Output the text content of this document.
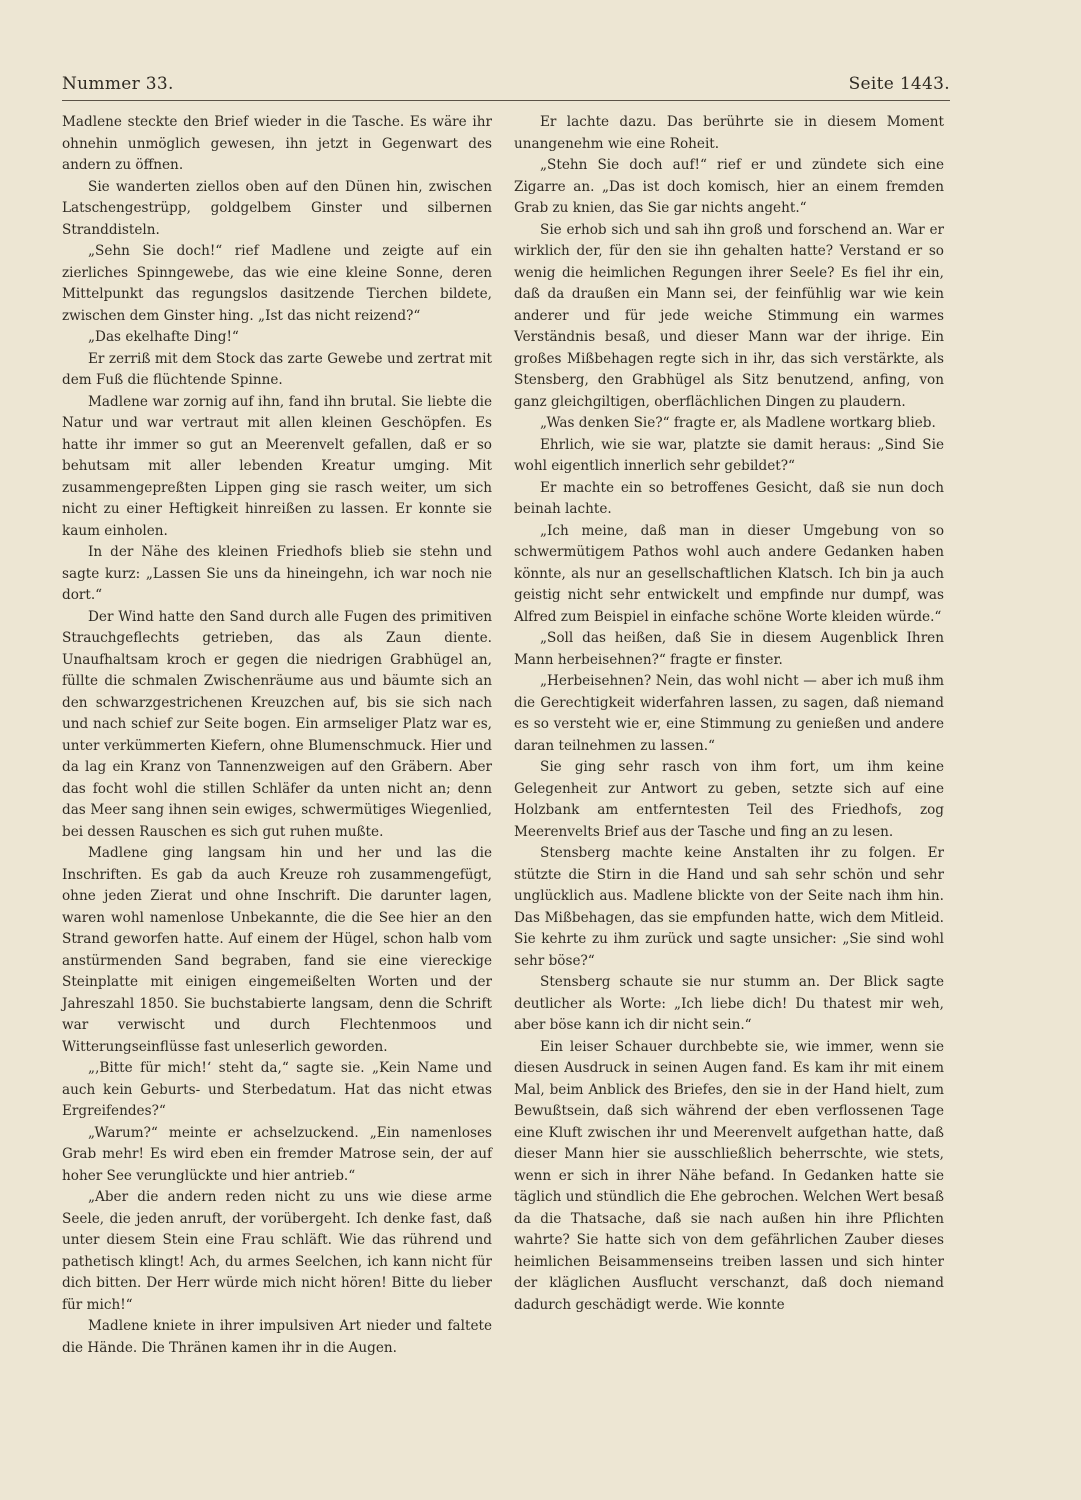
Nummer 33.	Seite 1443.

Madlene steckte den Brief wieder in die Tasche. Es wäre ihr ohnehin unmöglich gewesen, ihn jetzt in Gegenwart des andern zu öffnen.

Sie wanderten ziellos oben auf den Dünen hin, zwischen Latschengestrüpp, goldgelbem Ginster und silbernen Stranddisteln.

„Sehn Sie doch!“ rief Madlene und zeigte auf ein zierliches Spinngewebe, das wie eine kleine Sonne, deren Mittelpunkt das regungslos dasitzende Tierchen bildete, zwischen dem Ginster hing. „Ist das nicht reizend?“

„Das ekelhafte Ding!“

Er zerriß mit dem Stock das zarte Gewebe und zertrat mit dem Fuß die flüchtende Spinne.

Madlene war zornig auf ihn, fand ihn brutal. Sie liebte die Natur und war vertraut mit allen kleinen Geschöpfen. Es hatte ihr immer so gut an Meerenvelt gefallen, daß er so behutsam mit aller lebenden Kreatur umging. Mit zusammengepreßten Lippen ging sie rasch weiter, um sich nicht zu einer Heftigkeit hinreißen zu lassen. Er konnte sie kaum einholen.

In der Nähe des kleinen Friedhofs blieb sie stehn und sagte kurz: „Lassen Sie uns da hineingehn, ich war noch nie dort.“

Der Wind hatte den Sand durch alle Fugen des primitiven Strauchgeflechts getrieben, das als Zaun diente. Unaufhaltsam kroch er gegen die niedrigen Grabhügel an, füllte die schmalen Zwischenräume aus und bäumte sich an den schwarzgestrichenen Kreuzchen auf, bis sie sich nach und nach schief zur Seite bogen. Ein armseliger Platz war es, unter verkümmerten Kiefern, ohne Blumenschmuck. Hier und da lag ein Kranz von Tannenzweigen auf den Gräbern. Aber das focht wohl die stillen Schläfer da unten nicht an; denn das Meer sang ihnen sein ewiges, schwermütiges Wiegenlied, bei dessen Rauschen es sich gut ruhen mußte.

Madlene ging langsam hin und her und las die Inschriften. Es gab da auch Kreuze roh zusammengefügt, ohne jeden Zierat und ohne Inschrift. Die darunter lagen, waren wohl namenlose Unbekannte, die die See hier an den Strand geworfen hatte. Auf einem der Hügel, schon halb vom anstürmenden Sand begraben, fand sie eine viereckige Steinplatte mit einigen eingemeißelten Worten und der Jahreszahl 1850. Sie buchstabierte langsam, denn die Schrift war verwischt und durch Flechtenmoos und Witterungseinflüsse fast unleserlich geworden.

„‚Bitte für mich!‘ steht da,“ sagte sie. „Kein Name und auch kein Geburts- und Sterbedatum. Hat das nicht etwas Ergreifendes?“

„Warum?“ meinte er achselzuckend. „Ein namenloses Grab mehr! Es wird eben ein fremder Matrose sein, der auf hoher See verunglückte und hier antrieb.“

„Aber die andern reden nicht zu uns wie diese arme Seele, die jeden anruft, der vorübergeht. Ich denke fast, daß unter diesem Stein eine Frau schläft. Wie das rührend und pathetisch klingt! Ach, du armes Seelchen, ich kann nicht für dich bitten. Der Herr würde mich nicht hören! Bitte du lieber für mich!“

Madlene kniete in ihrer impulsiven Art nieder und faltete die Hände. Die Thränen kamen ihr in die Augen.

Er lachte dazu. Das berührte sie in diesem Moment unangenehm wie eine Roheit.

„Stehn Sie doch auf!“ rief er und zündete sich eine Zigarre an. „Das ist doch komisch, hier an einem fremden Grab zu knien, das Sie gar nichts angeht.“

Sie erhob sich und sah ihn groß und forschend an. War er wirklich der, für den sie ihn gehalten hatte? Verstand er so wenig die heimlichen Regungen ihrer Seele? Es fiel ihr ein, daß da draußen ein Mann sei, der feinfühlig war wie kein anderer und für jede weiche Stimmung ein warmes Verständnis besaß, und dieser Mann war der ihrige. Ein großes Mißbehagen regte sich in ihr, das sich verstärkte, als Stensberg, den Grabhügel als Sitz benutzend, anfing, von ganz gleichgiltigen, oberflächlichen Dingen zu plaudern.

„Was denken Sie?“ fragte er, als Madlene wortkarg blieb.

Ehrlich, wie sie war, platzte sie damit heraus: „Sind Sie wohl eigentlich innerlich sehr gebildet?“

Er machte ein so betroffenes Gesicht, daß sie nun doch beinah lachte.

„Ich meine, daß man in dieser Umgebung von so schwermütigem Pathos wohl auch andere Gedanken haben könnte, als nur an gesellschaftlichen Klatsch. Ich bin ja auch geistig nicht sehr entwickelt und empfinde nur dumpf, was Alfred zum Beispiel in einfache schöne Worte kleiden würde.“

„Soll das heißen, daß Sie in diesem Augenblick Ihren Mann herbeisehnen?“ fragte er finster.

„Herbeisehnen? Nein, das wohl nicht — aber ich muß ihm die Gerechtigkeit widerfahren lassen, zu sagen, daß niemand es so versteht wie er, eine Stimmung zu genießen und andere daran teilnehmen zu lassen.“

Sie ging sehr rasch von ihm fort, um ihm keine Gelegenheit zur Antwort zu geben, setzte sich auf eine Holzbank am entferntesten Teil des Friedhofs, zog Meerenvelts Brief aus der Tasche und fing an zu lesen.

Stensberg machte keine Anstalten ihr zu folgen. Er stützte die Stirn in die Hand und sah sehr schön und sehr unglücklich aus. Madlene blickte von der Seite nach ihm hin. Das Mißbehagen, das sie empfunden hatte, wich dem Mitleid. Sie kehrte zu ihm zurück und sagte unsicher: „Sie sind wohl sehr böse?“

Stensberg schaute sie nur stumm an. Der Blick sagte deutlicher als Worte: „Ich liebe dich! Du thatest mir weh, aber böse kann ich dir nicht sein.“

Ein leiser Schauer durchbebte sie, wie immer, wenn sie diesen Ausdruck in seinen Augen fand. Es kam ihr mit einem Mal, beim Anblick des Briefes, den sie in der Hand hielt, zum Bewußtsein, daß sich während der eben verflossenen Tage eine Kluft zwischen ihr und Meerenvelt aufgethan hatte, daß dieser Mann hier sie ausschließlich beherrschte, wie stets, wenn er sich in ihrer Nähe befand. In Gedanken hatte sie täglich und stündlich die Ehe gebrochen. Welchen Wert besaß da die Thatsache, daß sie nach außen hin ihre Pflichten wahrte? Sie hatte sich von dem gefährlichen Zauber dieses heimlichen Beisammenseins treiben lassen und sich hinter der kläglichen Ausflucht verschanzt, daß doch niemand dadurch geschädigt werde. Wie konnte
